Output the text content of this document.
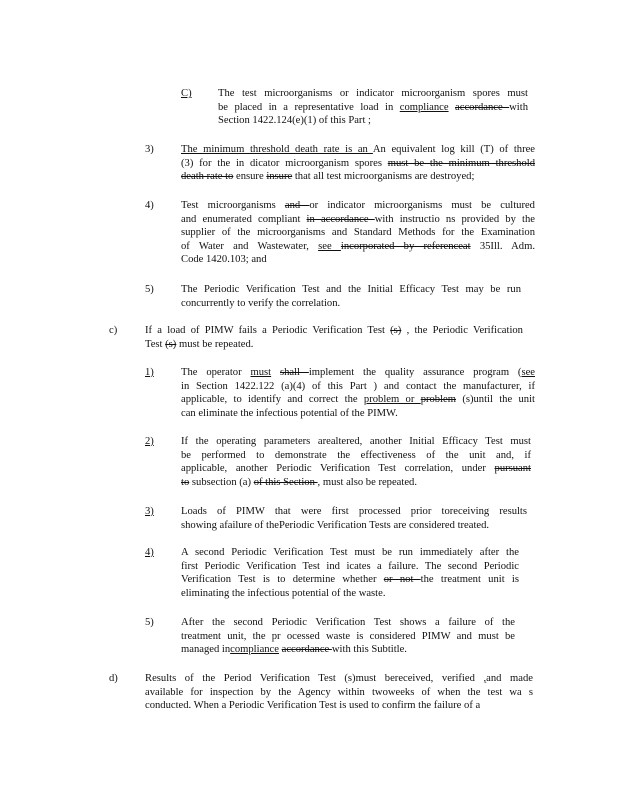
C) The test microorganisms or indicator microorganism spores must

be placed in a representative load in compliance accordance with

Section 1422.124(e)(1) of this Part ;

3)	The minimum threshold death rate is an An equivalent log kill (T) of three

(3) for the in dicator microorganism spores must be the minimum threshold

death rate to ensure insure that all test microorganisms are destroyed;

4)	Test microorganisms and or indicator microorganisms must be cultured

and enumerated compliant in accordance with instructio ns provided by the

supplier of the microorganisms and Standard Methods for the Examination

of Water and Wastewater, see incorporated by referenceat 35Ill. Adm.

Code 1420.103; and

5)	The Periodic Verification Test and the Initial Efficacy Test may be run

concurrently to verify the correlation.

c)	If a load of PIMW fails a Periodic Verification Test (s) , the Periodic Verification

Test (s) must be repeated.

1)	The operator must shall implement the quality assurance program (see

in Section 1422.122 (a)(4) of this Part ) and contact the manufacturer, if

applicable, to identify and correct the problem or problem (s)until the unit

can eliminate the infectious potential of the PIMW.

2)	If the operating parameters arealtered, another Initial Efficacy Test must

be performed to demonstrate the effectiveness of the unit and, if

applicable, another Periodic Verification Test correlation, under pursuant

to subsection (a) of this Section , must also be repeated.

3)	Loads of PIMW that were first processed prior toreceiving results

showing afailure of thePeriodic Verification Tests are considered treated.

4)	A second Periodic Verification Test must be run immediately after the

first Periodic Verification Test ind icates a failure. The second Periodic

Verification Test is to determine whether or not the treatment unit is

eliminating the infectious potential of the waste.

5)	After the second Periodic Verification Test shows a failure of the

treatment unit, the pr ocessed waste is considered PIMW and must be

managed incompliance accordance with this Subtitle.

d)	Results of the Period Verification Test (s)must bereceived, verified ,and made

available for inspection by the Agency within twoweeks of when the test wa s

conducted. When a Periodic Verification Test is used to confirm the failure of a
